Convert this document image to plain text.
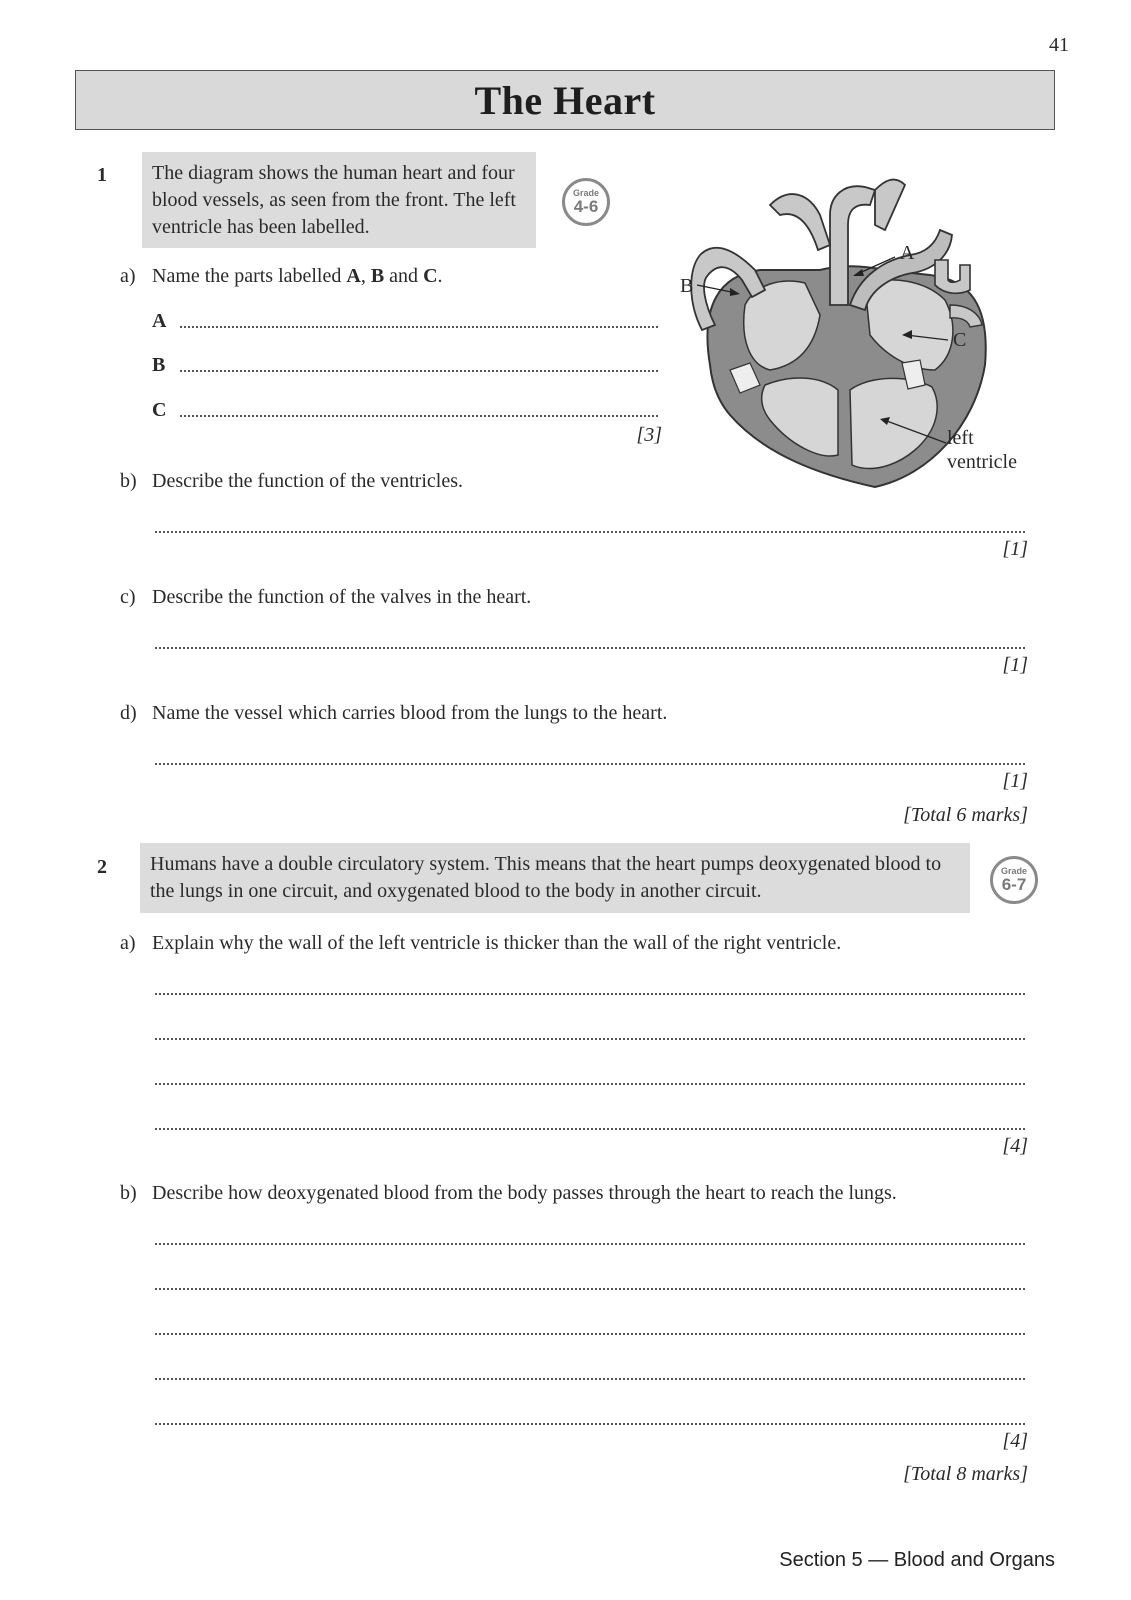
41
The Heart
1	The diagram shows the human heart and four blood vessels, as seen from the front. The left ventricle has been labelled.
Grade
4-6
a) Name the parts labelled A, B and C.
A
B
C
[3]
A
B
C
left
ventricle
b) Describe the function of the ventricles.
[1]
c) Describe the function of the valves in the heart.
[1]
d) Name the vessel which carries blood from the lungs to the heart.
[1]
[Total 6 marks]
2	Humans have a double circulatory system. This means that the heart pumps deoxygenated blood to the lungs in one circuit, and oxygenated blood to the body in another circuit.
Grade
6-7
a) Explain why the wall of the left ventricle is thicker than the wall of the right ventricle.
[4]
b) Describe how deoxygenated blood from the body passes through the heart to reach the lungs.
[4]
[Total 8 marks]
Section 5 — Blood and Organs
